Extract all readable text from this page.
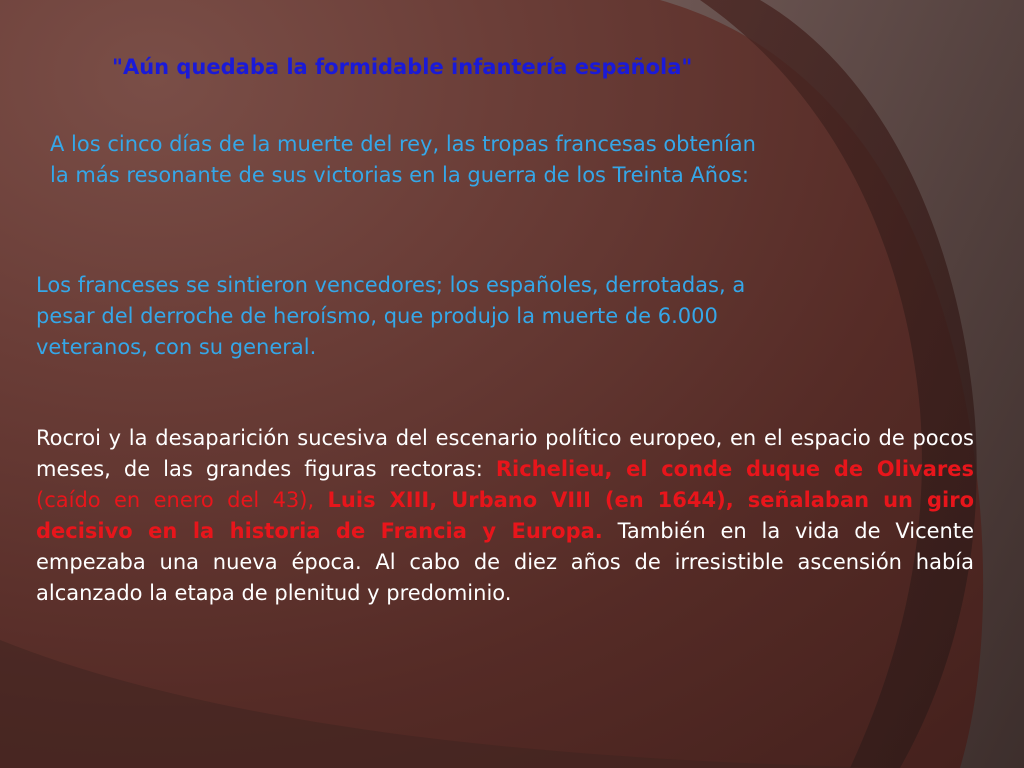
"Aún quedaba la formidable infantería española"

A los cinco días de la muerte del rey, las tropas francesas obtenían
la más resonante de sus victorias en la guerra de los Treinta Años:

Los franceses se sintieron vencedores; los españoles, derrotadas, a
pesar del derroche de heroísmo, que produjo la muerte de 6.000
veteranos, con su general.

Rocroi y la desaparición sucesiva del escenario político europeo, en el espacio de pocos meses, de las grandes figuras rectoras: Richelieu, el conde duque de Olivares (caído en enero del 43), Luis XIII, Urbano VIII (en 1644), señalaban un giro decisivo en la historia de Francia y Europa. También en la vida de Vicente empezaba una nueva época. Al cabo de diez años de irresistible ascensión había alcanzado la etapa de plenitud y predominio.
